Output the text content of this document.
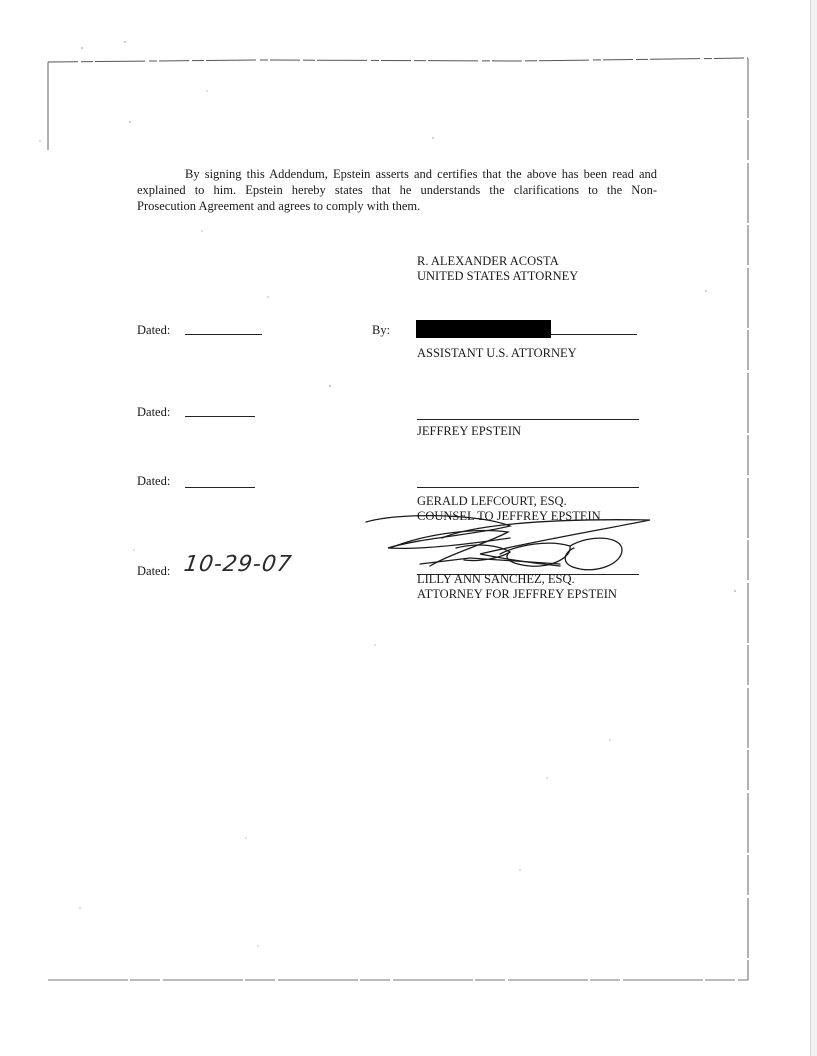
By signing this Addendum, Epstein asserts and certifies that the above has been read and
explained to him. Epstein hereby states that he understands the clarifications to the Non-
Prosecution Agreement and agrees to comply with them.
R. ALEXANDER ACOSTA
UNITED STATES ATTORNEY
Dated:	By:
ASSISTANT U.S. ATTORNEY
Dated:
JEFFREY EPSTEIN
Dated:
GERALD LEFCOURT, ESQ.
COUNSEL TO JEFFREY EPSTEIN
Dated: 10-29-07
LILLY ANN SANCHEZ, ESQ.
ATTORNEY FOR JEFFREY EPSTEIN
